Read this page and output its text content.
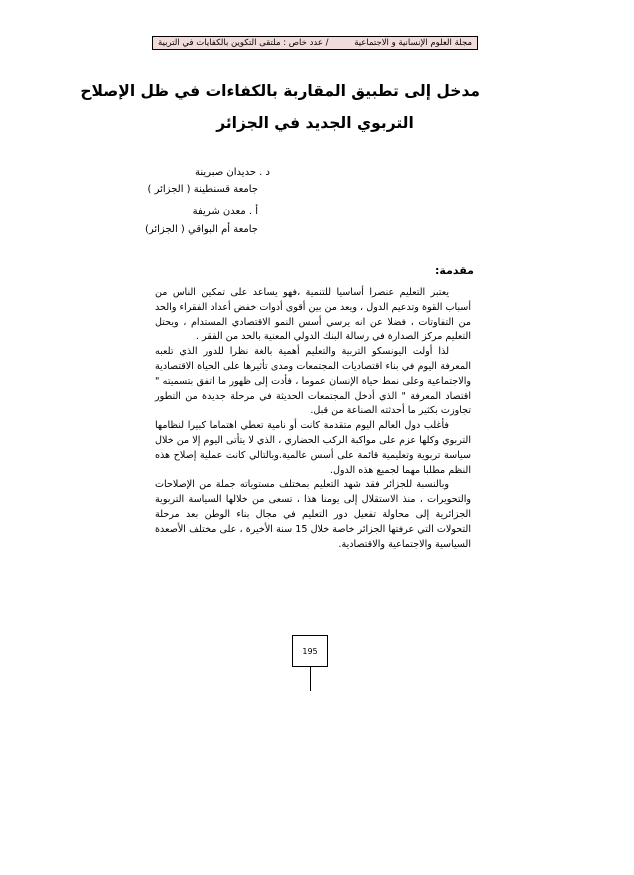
مجلة العلوم الإنسانية و الاجتماعية
/ عدد خاص : ملتقى التكوين بالكفايات في التربية
مدخل إلى تطبيق المقاربة بالكفاءات في ظل الإصلاح
التربوي الجديد في الجزائر
د . حديدان صبرينة
جامعة قسنطينة ( الجزائر )
أ . معدن شريفة
جامعة أم البواقي ( الجزائر)
مقدمة:

يعتبر التعليم عنصرا أساسيا للتنمية ،فهو يساعد على تمكين الناس من أسباب القوة وتدعيم الدول ، ويعد من بين أقوى أدوات خفض أعداد الفقراء والحد من التفاوتات ، فضلا عن انه يرسي أسس النمو الاقتصادي المستدام ، ويحتل التعليم مركز الصدارة في رسالة البنك الدولي المعنية بالحد من الفقر .

لذا أولت اليونسكو التربية والتعليم أهمية بالغة نظرا للدور الذي تلعبه المعرفة اليوم في بناء اقتصاديات المجتمعات ومدى تأثيرها على الحياة الاقتصادية والاجتماعية وعلى نمط حياة الإنسان عموما ، فأدت إلى ظهور ما اتفق بتسميته " اقتصاد المعرفة " الذي أدخل المجتمعات الحديثة في مرحلة جديدة من التطور تجاوزت بكثير ما أحدثته الصناعة من قبل.

فأغلب دول العالم اليوم متقدمة كانت أو نامية تعطي اهتماما كبيرا لنظامها التربوي وكلها عزم على مواكبة الركب الحضاري ، الذي لا يتأتى اليوم إلا من خلال سياسة تربوية وتعليمية قائمة على أسس عالمية.وبالتالي كانت عملية إصلاح هذه النظم مطلبا مهما لجميع هذه الدول.

وبالنسبة للجزائر فقد شهد التعليم بمختلف مستوياته جملة من الإصلاحات والتحويرات ، منذ الاستقلال إلى يومنا هذا ، تسعى من خلالها السياسة التربوية الجزائرية إلى محاولة تفعيل دور التعليم في مجال بناء الوطن بعد مرحلة التحولات التي عرفتها الجزائر خاصة خلال 15 سنة الأخيرة ، على مختلف الأصعدة السياسية والاجتماعية والاقتصادية.

195
